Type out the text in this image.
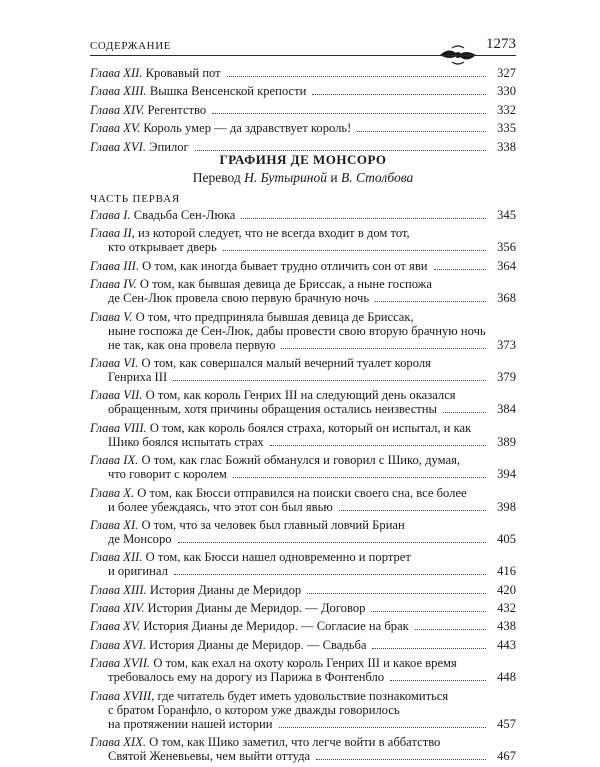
СОДЕРЖАНИЕ	1273
Глава XII. Кровавый пот	327
Глава XIII. Вышка Венсенской крепости	330
Глава XIV. Регентство	332
Глава XV. Король умер — да здравствует король!	335
Глава XVI. Эпилог	338
ГРАФИНЯ ДЕ МОНСОРО
Перевод Н. Бутыриной и В. Столбова
ЧАСТЬ ПЕРВАЯ
Глава I. Свадьба Сен-Люка	345
Глава II, из которой следует, что не всегда входит в дом тот,
кто открывает дверь	356
Глава III. О том, как иногда бывает трудно отличить сон от яви	364
Глава IV. О том, как бывшая девица де Бриссак, а ныне госпожа
де Сен-Люк провела свою первую брачную ночь	368
Глава V. О том, что предприняла бывшая девица де Бриссак,
ныне госпожа де Сен-Люк, дабы провести свою вторую брачную ночь
не так, как она провела первую	373
Глава VI. О том, как совершался малый вечерний туалет короля
Генриха III	379
Глава VII. О том, как король Генрих III на следующий день оказался
обращенным, хотя причины обращения остались неизвестны	384
Глава VIII. О том, как король боялся страха, который он испытал, и как
Шико боялся испытать страх	389
Глава IX. О том, как глас Божий обманулся и говорил с Шико, думая,
что говорит с королем	394
Глава X. О том, как Бюсси отправился на поиски своего сна, все более
и более убеждаясь, что этот сон был явью	398
Глава XI. О том, что за человек был главный ловчий Бриан
де Монсоро	405
Глава XII. О том, как Бюсси нашел одновременно и портрет
и оригинал	416
Глава XIII. История Дианы де Меридор	420
Глава XIV. История Дианы де Меридор. — Договор	432
Глава XV. История Дианы де Меридор. — Согласие на брак	438
Глава XVI. История Дианы де Меридор. — Свадьба	443
Глава XVII. О том, как ехал на охоту король Генрих III и какое время
требовалось ему на дорогу из Парижа в Фонтенбло	448
Глава XVIII, где читатель будет иметь удовольствие познакомиться
с братом Горанфло, о котором уже дважды говорилось
на протяжении нашей истории	457
Глава XIX. О том, как Шико заметил, что легче войти в аббатство
Святой Женевьевы, чем выйти оттуда	467
